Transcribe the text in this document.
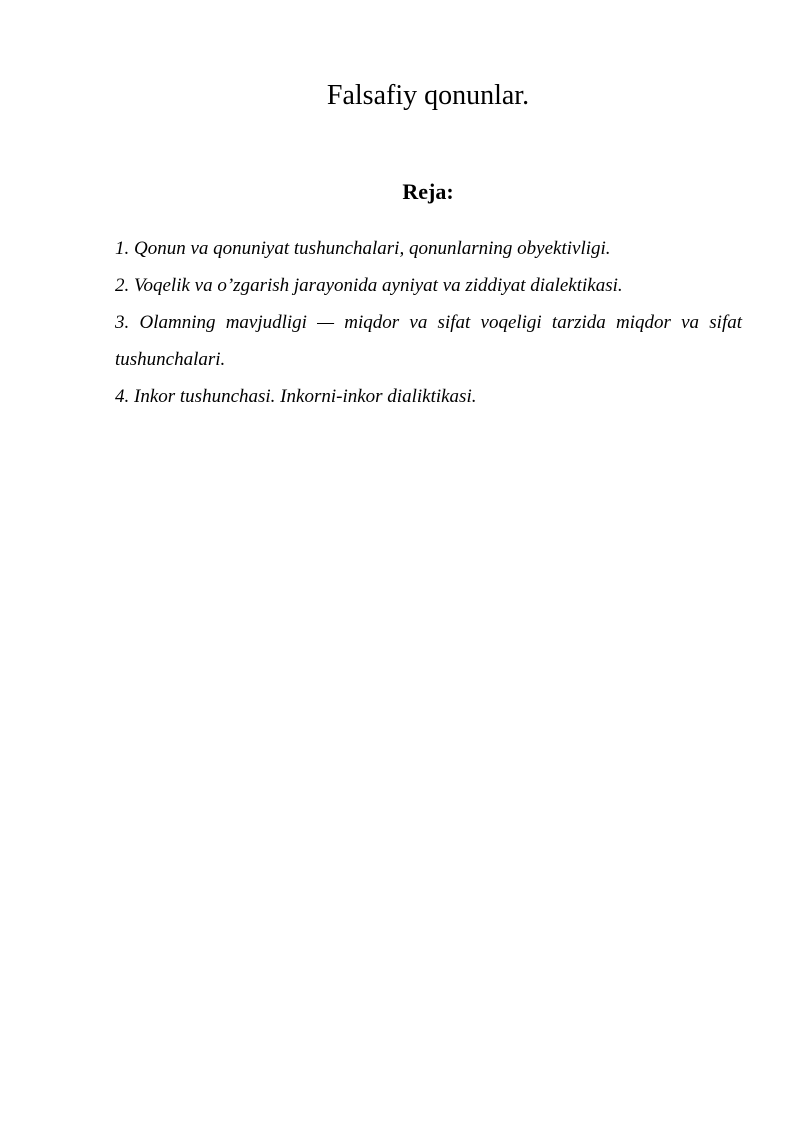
Falsafiy qonunlar.
Reja:
1. Qonun va qonuniyat tushunchalari, qonunlarning obyektivligi.
2. Voqelik va o’zgarish jarayonida ayniyat va ziddiyat dialektikasi.
3. Olamning mavjudligi — miqdor va sifat voqeligi tarzida miqdor va sifat tushunchalari.
4. Inkor tushunchasi. Inkorni-inkor dialiktikasi.
